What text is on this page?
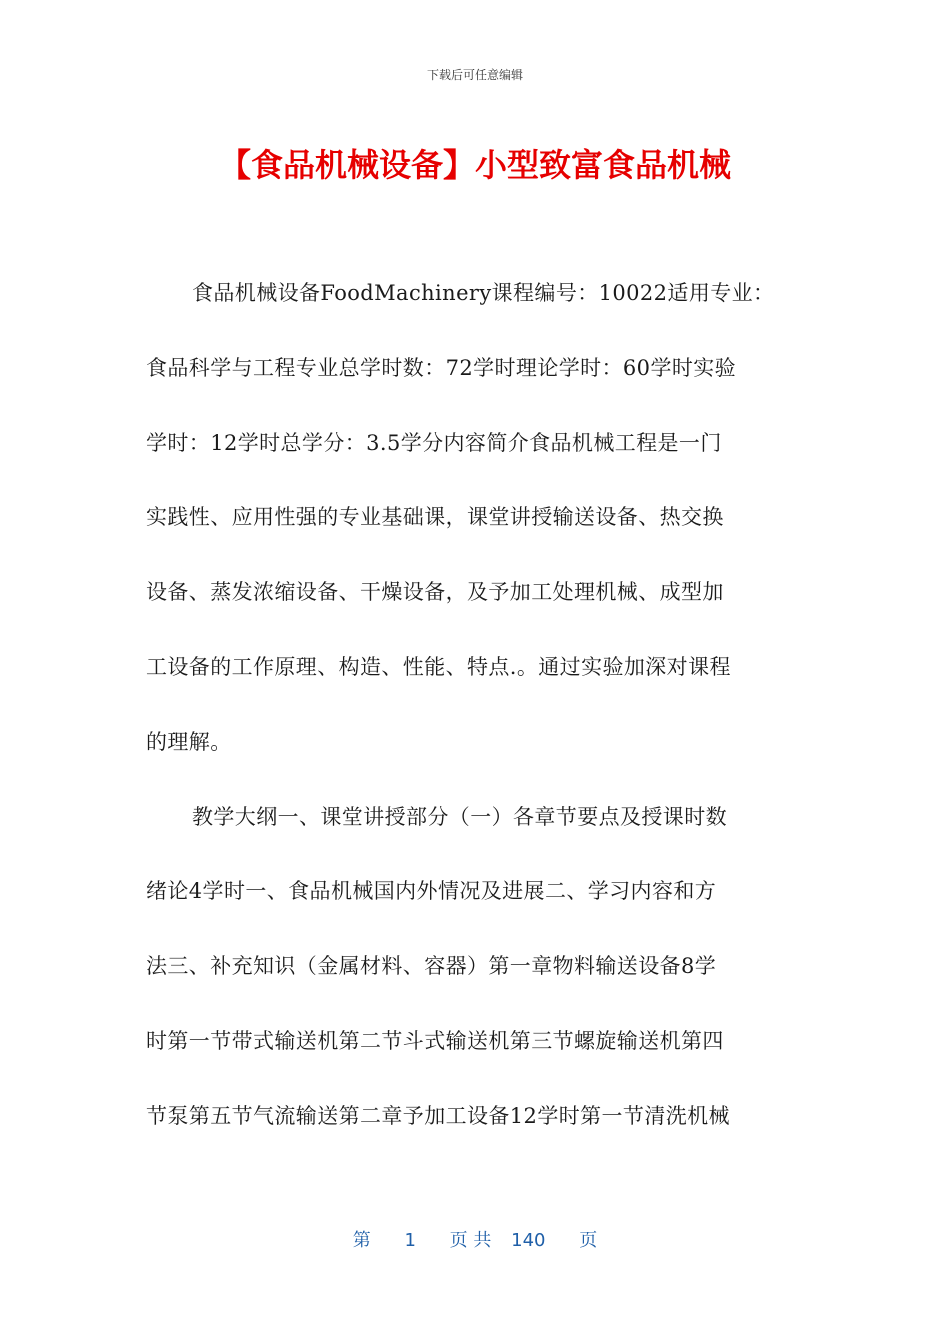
下载后可任意编辑
【食品机械设备】小型致富食品机械
食品机械设备FoodMachinery课程编号：10022适用专业：
食品科学与工程专业总学时数：72学时理论学时：60学时实验
学时：12学时总学分：3.5学分内容简介食品机械工程是一门
实践性、应用性强的专业基础课，课堂讲授输送设备、热交换
设备、蒸发浓缩设备、干燥设备，及予加工处理机械、成型加
工设备的工作原理、构造、性能、特点.。通过实验加深对课程
的理解。
教学大纲一、课堂讲授部分（一）各章节要点及授课时数
绪论4学时一、食品机械国内外情况及进展二、学习内容和方
法三、补充知识（金属材料、容器）第一章物料输送设备8学
时第一节带式输送机第二节斗式输送机第三节螺旋输送机第四
节泵第五节气流输送第二章予加工设备12学时第一节清洗机械
第 1 页 共 140 页
